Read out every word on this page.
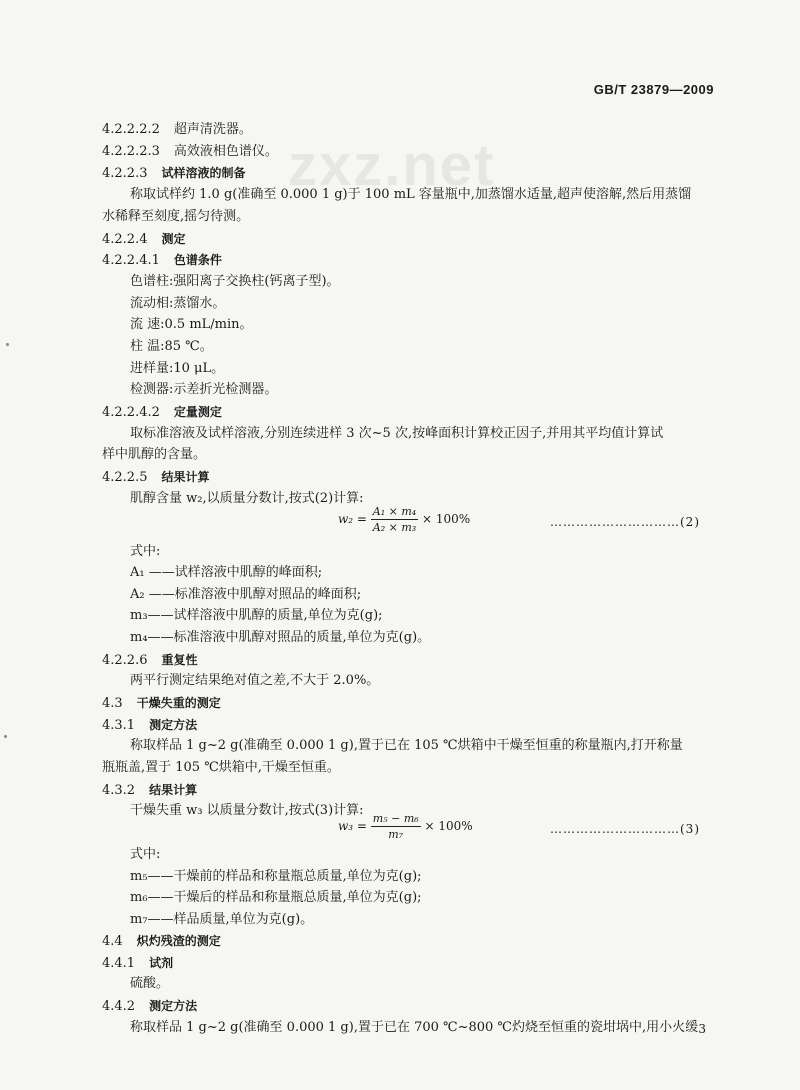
GB/T 23879—2009
zxz.net
4.2.2.2.2 超声清洗器。
4.2.2.2.3 高效液相色谱仪。
4.2.2.3 试样溶液的制备
称取试样约 1.0 g(准确至 0.000 1 g)于 100 mL 容量瓶中,加蒸馏水适量,超声使溶解,然后用蒸馏
水稀释至刻度,摇匀待测。
4.2.2.4 测定
4.2.2.4.1 色谱条件
色谱柱:强阳离子交换柱(钙离子型)。
流动相:蒸馏水。
流 速:0.5 mL/min。
柱 温:85 ℃。
进样量:10 μL。
检测器:示差折光检测器。
4.2.2.4.2 定量测定
取标准溶液及试样溶液,分别连续进样 3 次~5 次,按峰面积计算校正因子,并用其平均值计算试
样中肌醇的含量。
4.2.2.5 结果计算
肌醇含量 w₂,以质量分数计,按式(2)计算:
$w_2 = \frac{\text{A₁ × m₄}}{\text{A₂ × m₃}} \times 100\%$	…………………………(2)
式中:
A₁ ——试样溶液中肌醇的峰面积;
A₂ ——标准溶液中肌醇对照品的峰面积;
m₃——试样溶液中肌醇的质量,单位为克(g);
m₄——标准溶液中肌醇对照品的质量,单位为克(g)。
4.2.2.6 重复性
两平行测定结果绝对值之差,不大于 2.0%。
4.3 干燥失重的测定
4.3.1 测定方法
称取样品 1 g~2 g(准确至 0.000 1 g),置于已在 105 ℃烘箱中干燥至恒重的称量瓶内,打开称量
瓶瓶盖,置于 105 ℃烘箱中,干燥至恒重。
4.3.2 结果计算
干燥失重 w₃ 以质量分数计,按式(3)计算:
$w_3 = \frac{\text{m₅ − m₆}}{\text{m₇}} \times 100\%$	…………………………(3)
式中:
m₅——干燥前的样品和称量瓶总质量,单位为克(g);
m₆——干燥后的样品和称量瓶总质量,单位为克(g);
m₇——样品质量,单位为克(g)。
4.4 炽灼残渣的测定
4.4.1 试剂
硫酸。
4.4.2 测定方法
称取样品 1 g~2 g(准确至 0.000 1 g),置于已在 700 ℃~800 ℃灼烧至恒重的瓷坩埚中,用小火缓 3
